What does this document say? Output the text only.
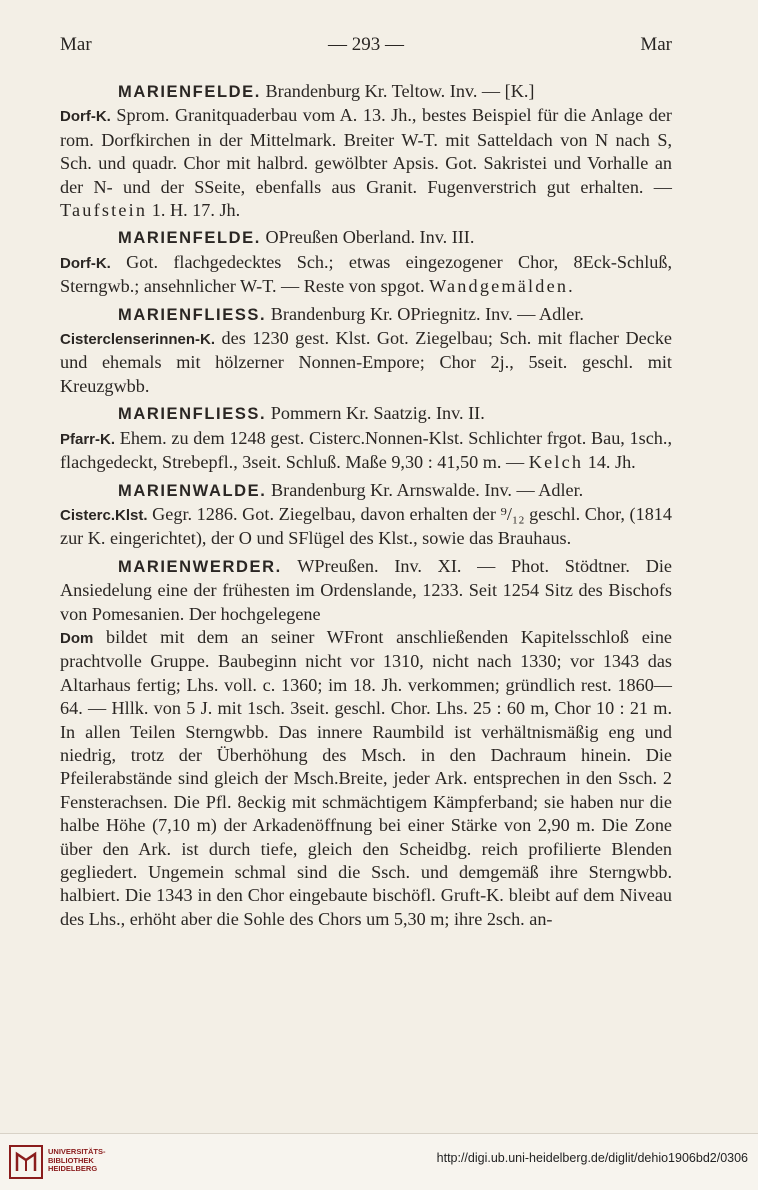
Mar	— 293 —	Mar

MARIENFELDE. Brandenburg Kr. Teltow. Inv. — [K.]
Dorf-K. Sprom. Granitquaderbau vom A. 13. Jh., bestes Beispiel für die Anlage der rom. Dorfkirchen in der Mittelmark. Breiter W-T. mit Satteldach von N nach S, Sch. und quadr. Chor mit halbrd. gewölbter Apsis. Got. Sakristei und Vorhalle an der N- und der SSeite, ebenfalls aus Granit. Fugenverstrich gut erhalten. — Taufstein 1. H. 17. Jh.

MARIENFELDE. OPreußen Oberland. Inv. III.
Dorf-K. Got. flachgedecktes Sch.; etwas eingezogener Chor, 8Eck-Schluß, Sterngwb.; ansehnlicher W-T. — Reste von spgot. Wandgemälden.

MARIENFLIESS. Brandenburg Kr. OPriegnitz. Inv. — Adler.
Cisterclenserinnen-K. des 1230 gest. Klst. Got. Ziegelbau; Sch. mit flacher Decke und ehemals mit hölzerner Nonnen-Empore; Chor 2j., 5seit. geschl. mit Kreuzgwbb.

MARIENFLIESS. Pommern Kr. Saatzig. Inv. II.
Pfarr-K. Ehem. zu dem 1248 gest. Cisterc.Nonnen-Klst. Schlichter frgot. Bau, 1sch., flachgedeckt, Strebepfl., 3seit. Schluß. Maße 9,30 : 41,50 m. — Kelch 14. Jh.

MARIENWALDE. Brandenburg Kr. Arnswalde. Inv. — Adler.
Cisterc.Klst. Gegr. 1286. Got. Ziegelbau, davon erhalten der ⁹/₁₂ geschl. Chor, (1814 zur K. eingerichtet), der O und SFlügel des Klst., sowie das Brauhaus.

MARIENWERDER. WPreußen. Inv. XI. — Phot. Stödtner. Die Ansiedelung eine der frühesten im Ordenslande, 1233. Seit 1254 Sitz des Bischofs von Pomesanien. Der hochgelegene
Dom bildet mit dem an seiner WFront anschließenden Kapitelsschloß eine prachtvolle Gruppe. Baubeginn nicht vor 1310, nicht nach 1330; vor 1343 das Altarhaus fertig; Lhs. voll. c. 1360; im 18. Jh. verkommen; gründlich rest. 1860—64. — Hllk. von 5 J. mit 1sch. 3seit. geschl. Chor. Lhs. 25 : 60 m, Chor 10 : 21 m. In allen Teilen Sterngwbb. Das innere Raumbild ist verhältnismäßig eng und niedrig, trotz der Überhöhung des Msch. in den Dachraum hinein. Die Pfeilerabstände sind gleich der Msch.Breite, jeder Ark. entsprechen in den Ssch. 2 Fensterachsen. Die Pfl. 8eckig mit schmächtigem Kämpferband; sie haben nur die halbe Höhe (7,10 m) der Arkadenöffnung bei einer Stärke von 2,90 m. Die Zone über den Ark. ist durch tiefe, gleich den Scheidbg. reich profilierte Blenden gegliedert. Ungemein schmal sind die Ssch. und demgemäß ihre Sterngwbb. halbiert. Die 1343 in den Chor eingebaute bischöfl. Gruft-K. bleibt auf dem Niveau des Lhs., erhöht aber die Sohle des Chors um 5,30 m; ihre 2sch. an-

UNIVERSITÄTS-
BIBLIOTHEK
HEIDELBERG
http://digi.ub.uni-heidelberg.de/diglit/dehio1906bd2/0306
